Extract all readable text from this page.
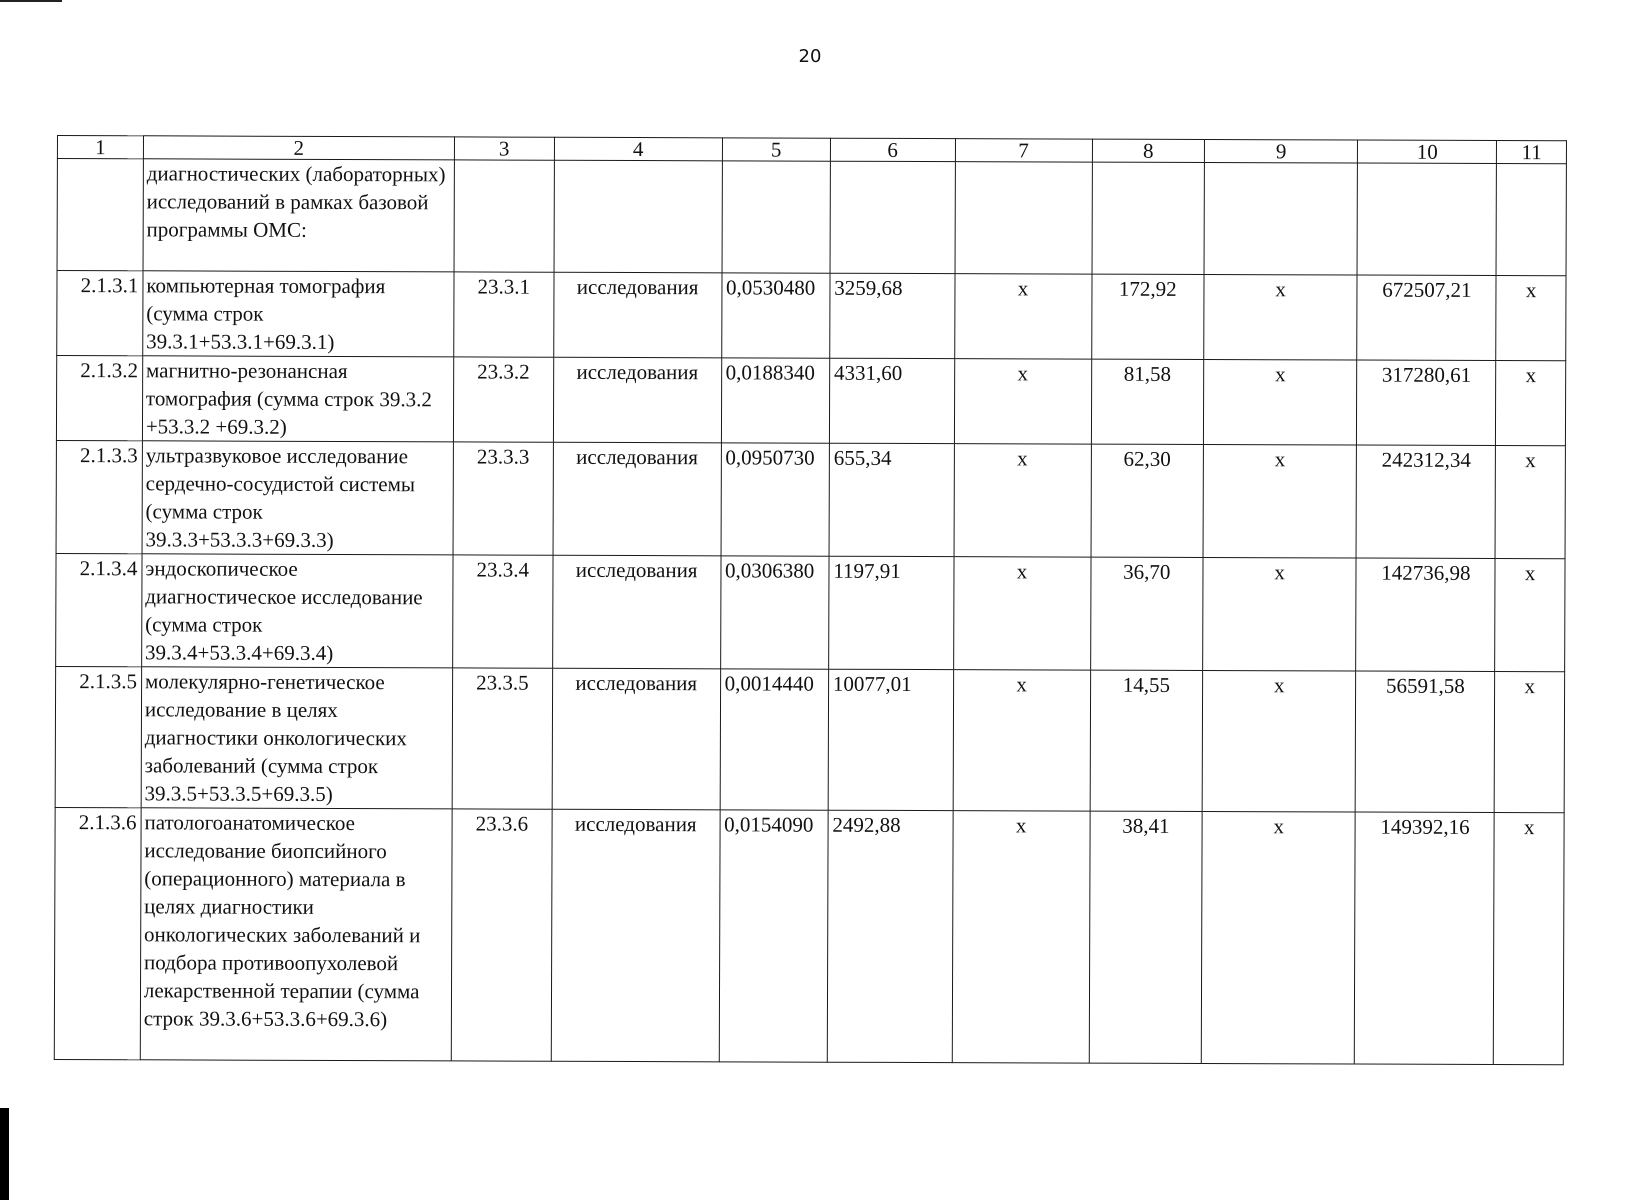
20
1	2	3	4	5	6	7	8	9	10	11
	диагностических (лабораторных) исследований в рамках базовой программы ОМС:									
2.1.3.1	компьютерная томография (сумма строк 39.3.1+53.3.1+69.3.1)	23.3.1	исследования	0,0530480	3259,68	х	172,92	х	672507,21	х
2.1.3.2	магнитно-резонансная томография (сумма строк 39.3.2 +53.3.2 +69.3.2)	23.3.2	исследования	0,0188340	4331,60	х	81,58	х	317280,61	х
2.1.3.3	ультразвуковое исследование сердечно-сосудистой системы (сумма строк 39.3.3+53.3.3+69.3.3)	23.3.3	исследования	0,0950730	655,34	х	62,30	х	242312,34	х
2.1.3.4	эндоскопическое диагностическое исследование (сумма строк 39.3.4+53.3.4+69.3.4)	23.3.4	исследования	0,0306380	1197,91	х	36,70	х	142736,98	х
2.1.3.5	молекулярно-генетическое исследование в целях диагностики онкологических заболеваний (сумма строк 39.3.5+53.3.5+69.3.5)	23.3.5	исследования	0,0014440	10077,01	х	14,55	х	56591,58	х
2.1.3.6	патологоанатомическое исследование биопсийного (операционного) материала в целях диагностики онкологических заболеваний и подбора противоопухолевой лекарственной терапии (сумма строк 39.3.6+53.3.6+69.3.6)	23.3.6	исследования	0,0154090	2492,88	х	38,41	х	149392,16	х
